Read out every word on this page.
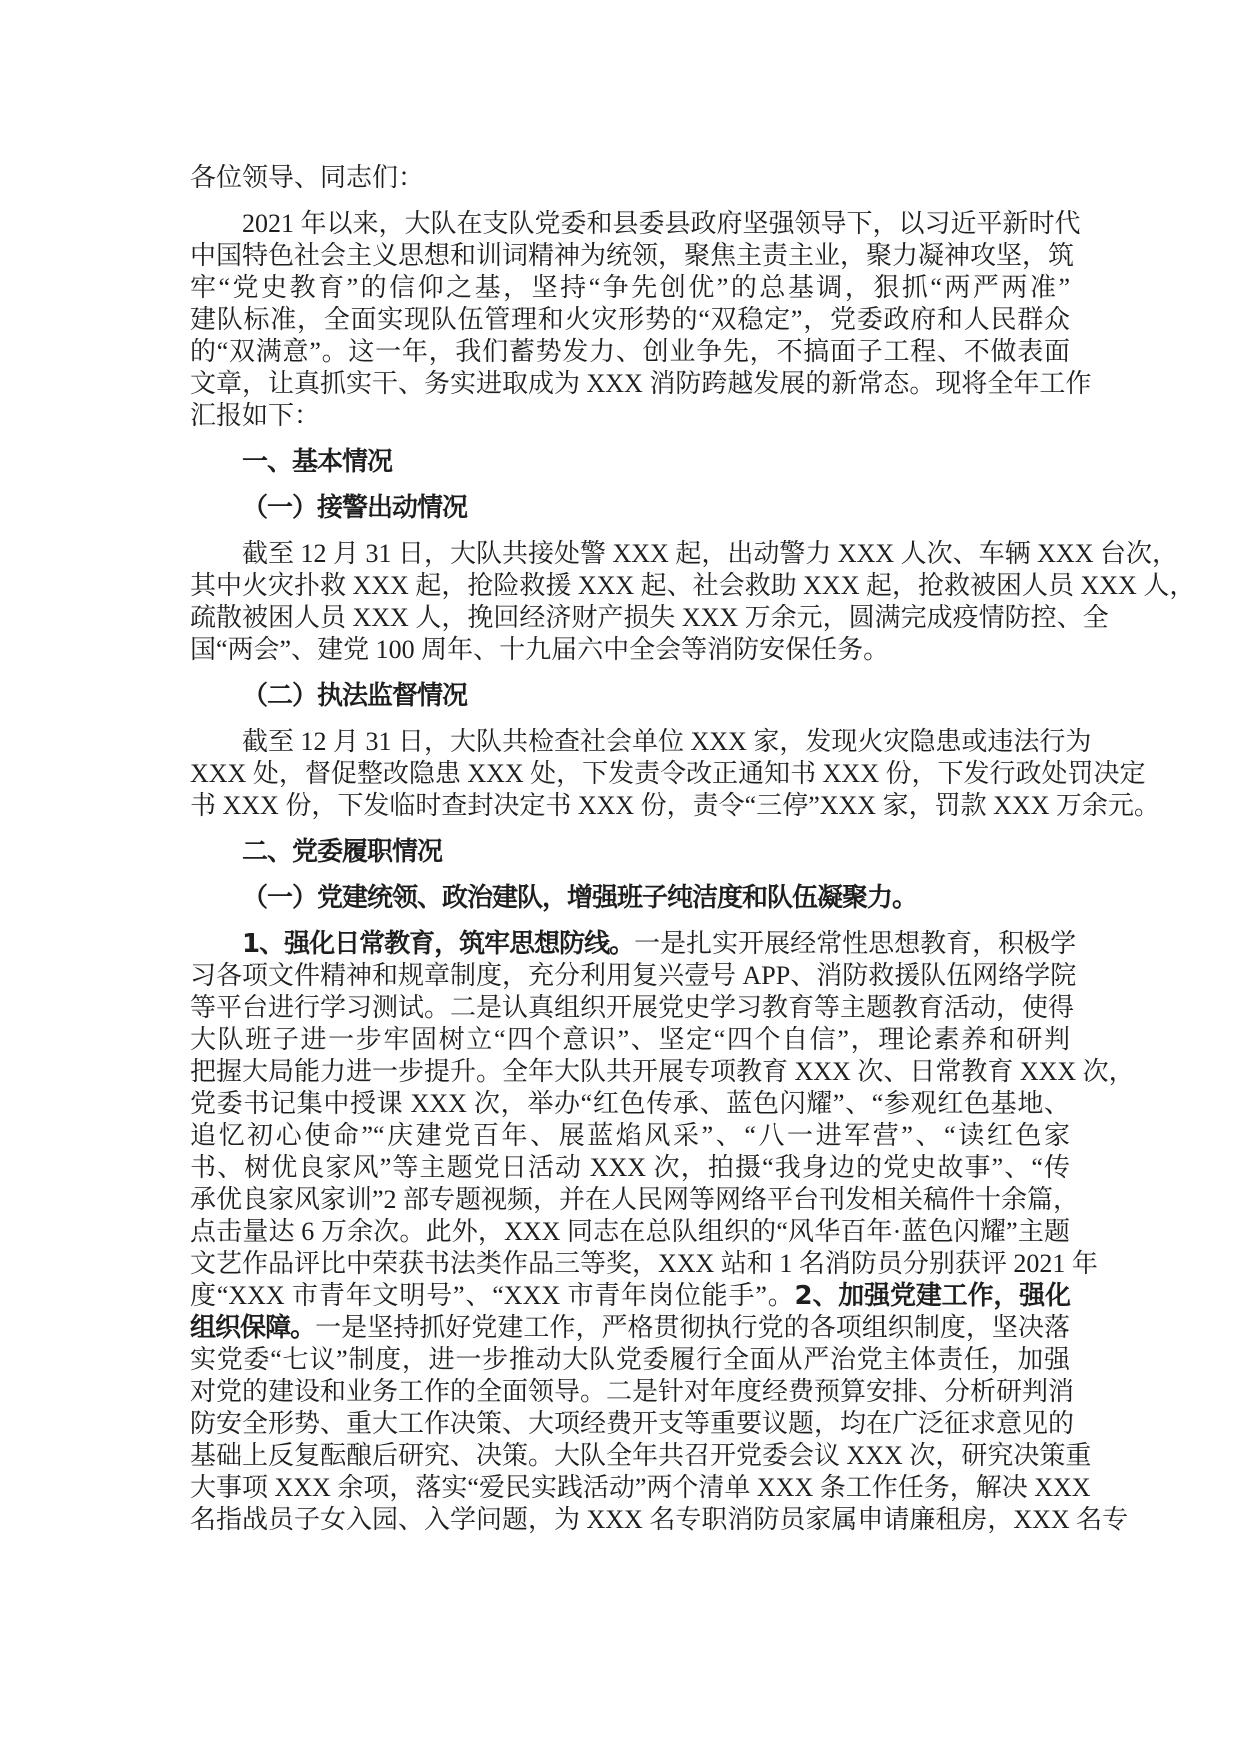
各位领导、同志们：
2021 年以来，大队在支队党委和县委县政府坚强领导下，以习近平新时代
中国特色社会主义思想和训词精神为统领，聚焦主责主业，聚力凝神攻坚，筑
牢“党史教育”的信仰之基，坚持“争先创优”的总基调，狠抓“两严两准”
建队标准，全面实现队伍管理和火灾形势的“双稳定”，党委政府和人民群众
的“双满意”。这一年，我们蓄势发力、创业争先，不搞面子工程、不做表面
文章，让真抓实干、务实进取成为 XXX 消防跨越发展的新常态。现将全年工作
汇报如下：
一、基本情况
（一）接警出动情况
截至 12 月 31 日，大队共接处警 XXX 起，出动警力 XXX 人次、车辆 XXX 台次，
其中火灾扑救 XXX 起，抢险救援 XXX 起、社会救助 XXX 起，抢救被困人员 XXX 人，
疏散被困人员 XXX 人，挽回经济财产损失 XXX 万余元，圆满完成疫情防控、全
国“两会”、建党 100 周年、十九届六中全会等消防安保任务。
（二）执法监督情况
截至 12 月 31 日，大队共检查社会单位 XXX 家，发现火灾隐患或违法行为
XXX 处，督促整改隐患 XXX 处，下发责令改正通知书 XXX 份，下发行政处罚决定
书 XXX 份，下发临时查封决定书 XXX 份，责令“三停”XXX 家，罚款 XXX 万余元。
二、党委履职情况
（一）党建统领、政治建队，增强班子纯洁度和队伍凝聚力。
1、强化日常教育，筑牢思想防线。一是扎实开展经常性思想教育，积极学
习各项文件精神和规章制度，充分利用复兴壹号 APP、消防救援队伍网络学院
等平台进行学习测试。二是认真组织开展党史学习教育等主题教育活动，使得
大队班子进一步牢固树立“四个意识”、坚定“四个自信”，理论素养和研判
把握大局能力进一步提升。全年大队共开展专项教育 XXX 次、日常教育 XXX 次，
党委书记集中授课 XXX 次，举办“红色传承、蓝色闪耀”、“参观红色基地、
追忆初心使命”“庆建党百年、展蓝焰风采”、“八一进军营”、“读红色家
书、树优良家风”等主题党日活动 XXX 次，拍摄“我身边的党史故事”、“传
承优良家风家训”2 部专题视频，并在人民网等网络平台刊发相关稿件十余篇，
点击量达 6 万余次。此外，XXX 同志在总队组织的“风华百年·蓝色闪耀”主题
文艺作品评比中荣获书法类作品三等奖，XXX 站和 1 名消防员分别获评 2021 年
度“XXX 市青年文明号”、“XXX 市青年岗位能手”。2、加强党建工作，强化
组织保障。一是坚持抓好党建工作，严格贯彻执行党的各项组织制度，坚决落
实党委“七议”制度，进一步推动大队党委履行全面从严治党主体责任，加强
对党的建设和业务工作的全面领导。二是针对年度经费预算安排、分析研判消
防安全形势、重大工作决策、大项经费开支等重要议题，均在广泛征求意见的
基础上反复酝酿后研究、决策。大队全年共召开党委会议 XXX 次，研究决策重
大事项 XXX 余项，落实“爱民实践活动”两个清单 XXX 条工作任务，解决 XXX
名指战员子女入园、入学问题，为 XXX 名专职消防员家属申请廉租房，XXX 名专
